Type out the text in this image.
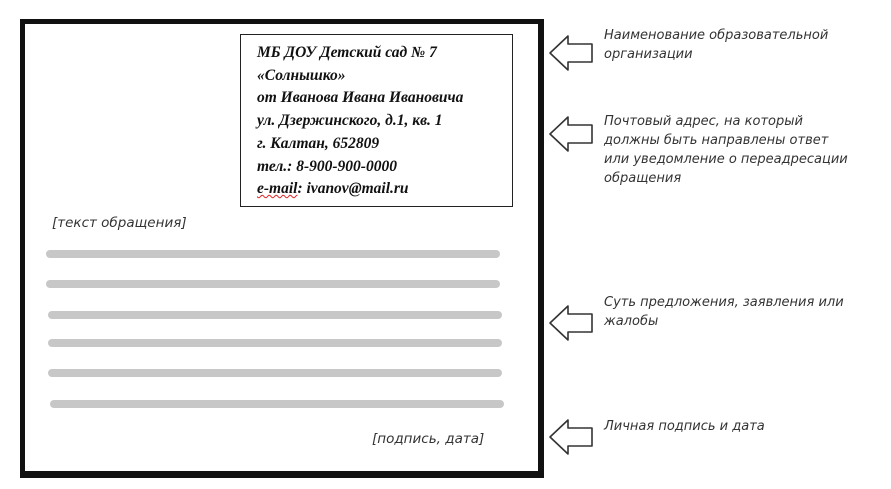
МБ ДОУ Детский сад № 7
«Солнышко»
от Иванова Ивана Ивановича
ул. Дзержинского, д.1, кв. 1
г. Калтан, 652809
тел.: 8-900-900-0000
e-mail: ivanov@mail.ru
[текст обращения]
[подпись, дата]
Наименование образовательной
организации
Почтовый адрес, на который
должны быть направлены ответ
или уведомление о переадресации
обращения
Суть предложения, заявления или
жалобы
Личная подпись и дата
